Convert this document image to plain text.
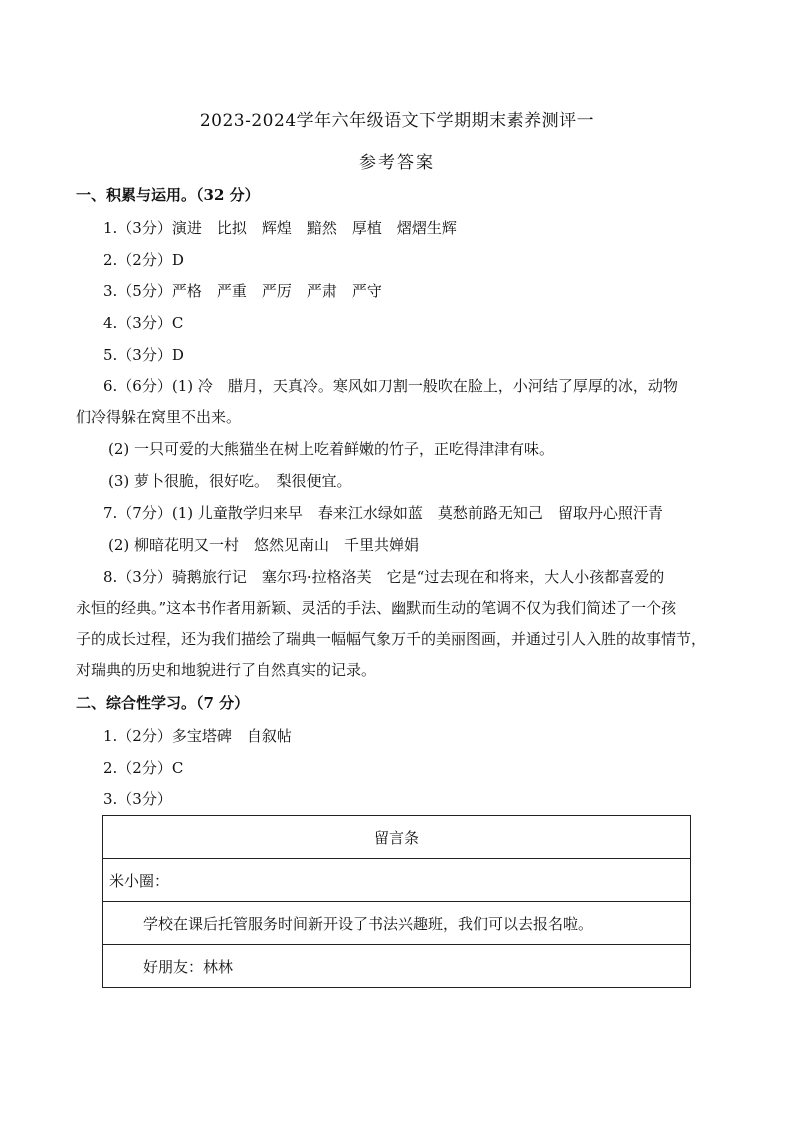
2023-2024学年六年级语文下学期期末素养测评一
参考答案
一、积累与运用。（32 分）
1.（3分）演进　比拟　辉煌　黯然　厚植　熠熠生辉
2.（2分）D
3.（5分）严格　严重　严厉　严肃　严守
4.（3分）C
5.（3分）D
6.（6分）(1) 冷　腊月，天真冷。寒风如刀割一般吹在脸上，小河结了厚厚的冰，动物
们冷得躲在窝里不出来。
(2) 一只可爱的大熊猫坐在树上吃着鲜嫩的竹子，正吃得津津有味。
(3) 萝卜很脆，很好吃。　梨很便宜。
7.（7分）(1) 儿童散学归来早　春来江水绿如蓝　莫愁前路无知己　留取丹心照汗青
(2) 柳暗花明又一村　悠然见南山　千里共婵娟
8.（3分）骑鹅旅行记　塞尔玛·拉格洛芙　它是“过去现在和将来，大人小孩都喜爱的
永恒的经典。”这本书作者用新颖、灵活的手法、幽默而生动的笔调不仅为我们简述了一个孩
子的成长过程，还为我们描绘了瑞典一幅幅气象万千的美丽图画，并通过引人入胜的故事情节，
对瑞典的历史和地貌进行了自然真实的记录。
二、综合性学习。（7 分）
1.（2分）多宝塔碑　自叙帖
2.（2分）C
3.（3分）
留言条
米小圈：
学校在课后托管服务时间新开设了书法兴趣班，我们可以去报名啦。
好朋友：林林
